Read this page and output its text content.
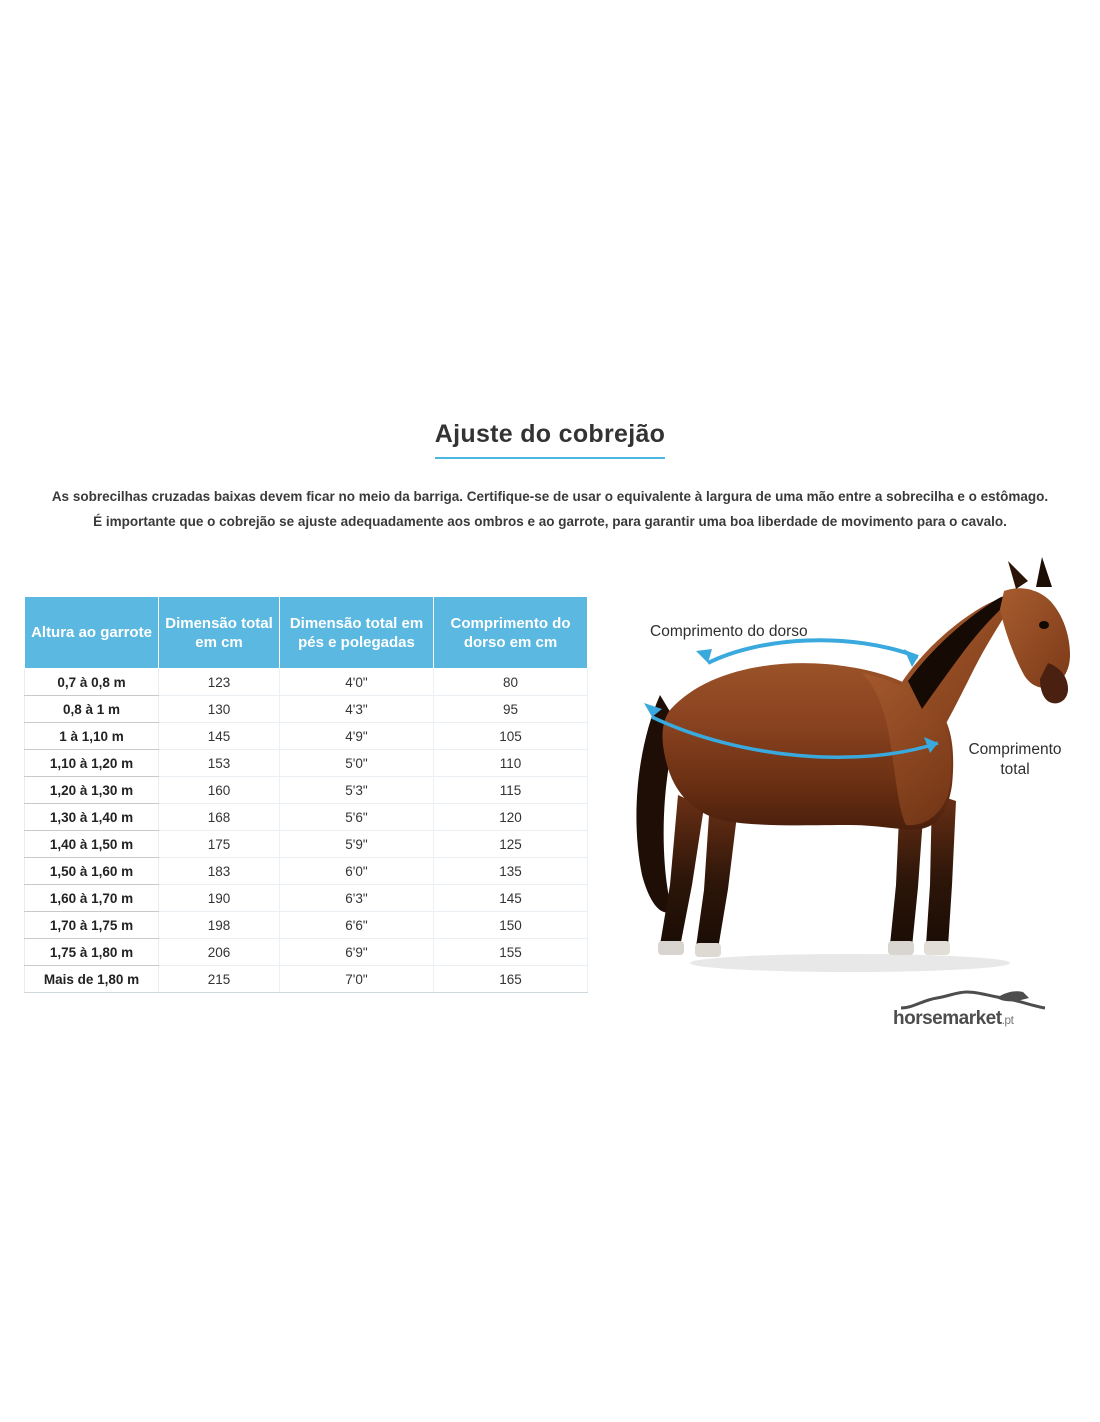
Ajuste do cobrejão

As sobrecilhas cruzadas baixas devem ficar no meio da barriga. Certifique-se de usar o equivalente à largura de uma mão entre a sobrecilha e o estômago.

É importante que o cobrejão se ajuste adequadamente aos ombros e ao garrote, para garantir uma boa liberdade de movimento para o cavalo.

Altura ao garrote	Dimensão total em cm	Dimensão total em pés e polegadas	Comprimento do dorso em cm
0,7 à 0,8 m	123	4'0"	80
0,8 à 1 m	130	4'3"	95
1 à 1,10 m	145	4'9"	105
1,10 à 1,20 m	153	5'0"	110
1,20 à 1,30 m	160	5'3"	115
1,30 à 1,40 m	168	5'6"	120
1,40 à 1,50 m	175	5'9"	125
1,50 à 1,60 m	183	6'0"	135
1,60 à 1,70 m	190	6'3"	145
1,70 à 1,75 m	198	6'6"	150
1,75 à 1,80 m	206	6'9"	155
Mais de 1,80 m	215	7'0"	165
Comprimento do dorso
Comprimento
total
horsemarket.pt
